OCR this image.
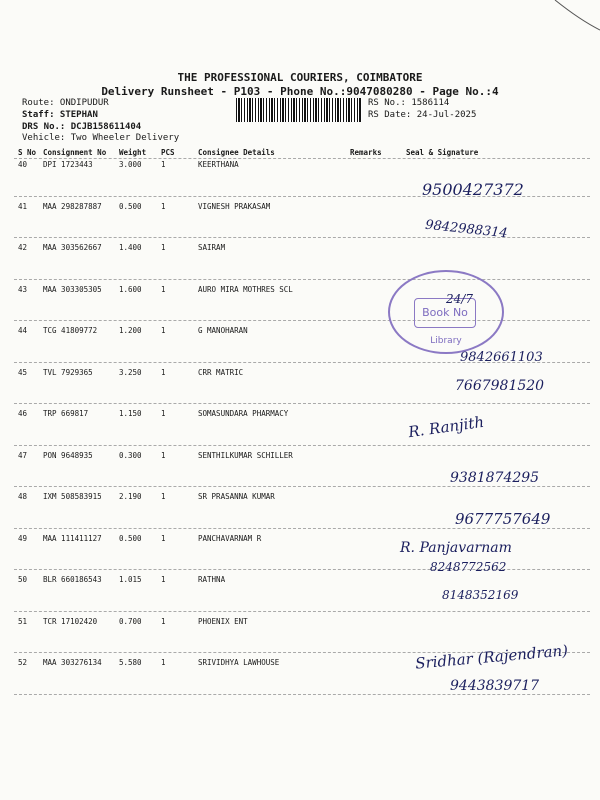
THE PROFESSIONAL COURIERS, COIMBATORE
Delivery Runsheet - P103 - Phone No.:9047080280 - Page No.:4
Route: ONDIPUDUR
Staff: STEPHAN
DRS No.: DCJB158611404
Vehicle: Two Wheeler Delivery
RS No.: 1586114
RS Date: 24-Jul-2025
S No Consignment No Weight PCS	Consignee Details	Remarks	Seal & Signature
40 DPI 1723443	3.000	1	KEERTHANA
41 MAA 298287887 0.500	1	VIGNESH PRAKASAM
42 MAA 303562667 1.400	1	SAIRAM
43 MAA 303305305 1.600	1	AURO MIRA MOTHRES SCL
44 TCG 41809772	1.200	1	G MANOHARAN
45 TVL 7929365	3.250	1	CRR MATRIC
46 TRP 669817	1.150	1	SOMASUNDARA PHARMACY
47 PON 9648935	0.300	1	SENTHILKUMAR SCHILLER
48 IXM 508583915 2.190	1	SR PRASANNA KUMAR
49 MAA 111411127 0.500	1	PANCHAVARNAM R
50 BLR 660186543 1.015	1	RATHNA
51 TCR 17102420	0.700	1	PHOENIX ENT
52 MAA 303276134 5.580	1	SRIVIDHYA LAWHOUSE
Book No
Library
24/7
9500427372
9842988314
9842661103
7667981520
R. Ranjith
9381874295
9677757649
R. Panjavarnam
8248772562
8148352169
Sridhar (Rajendran)
9443839717
